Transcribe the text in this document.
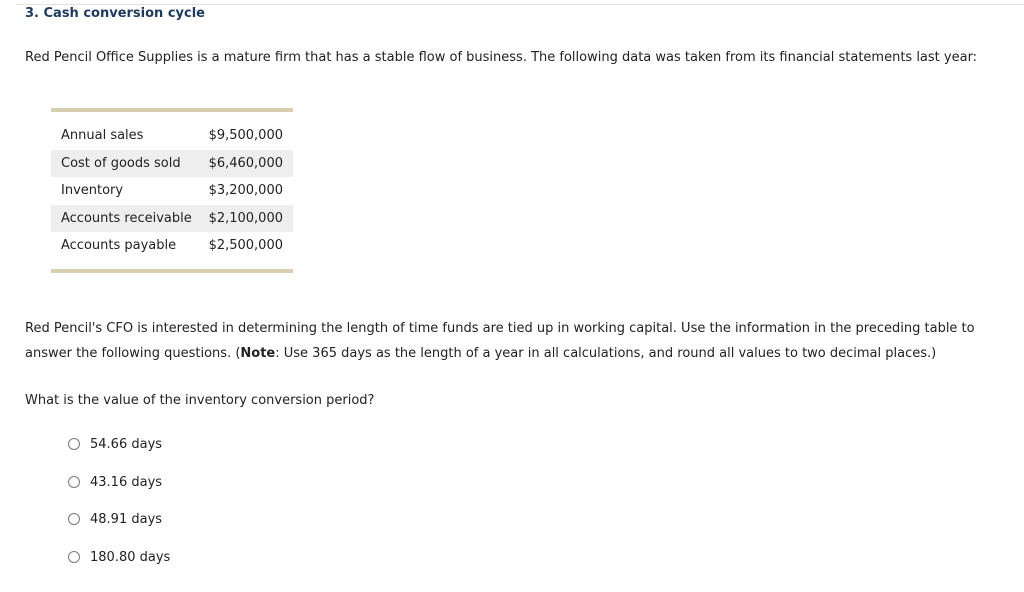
3. Cash conversion cycle
Red Pencil Office Supplies is a mature firm that has a stable flow of business. The following data was taken from its financial statements last year:
Annual sales	$9,500,000
Cost of goods sold	$6,460,000
Inventory	$3,200,000
Accounts receivable	$2,100,000
Accounts payable	$2,500,000
Red Pencil's CFO is interested in determining the length of time funds are tied up in working capital. Use the information in the preceding table to answer the following questions. (Note: Use 365 days as the length of a year in all calculations, and round all values to two decimal places.)
What is the value of the inventory conversion period?
54.66 days
43.16 days
48.91 days
180.80 days
